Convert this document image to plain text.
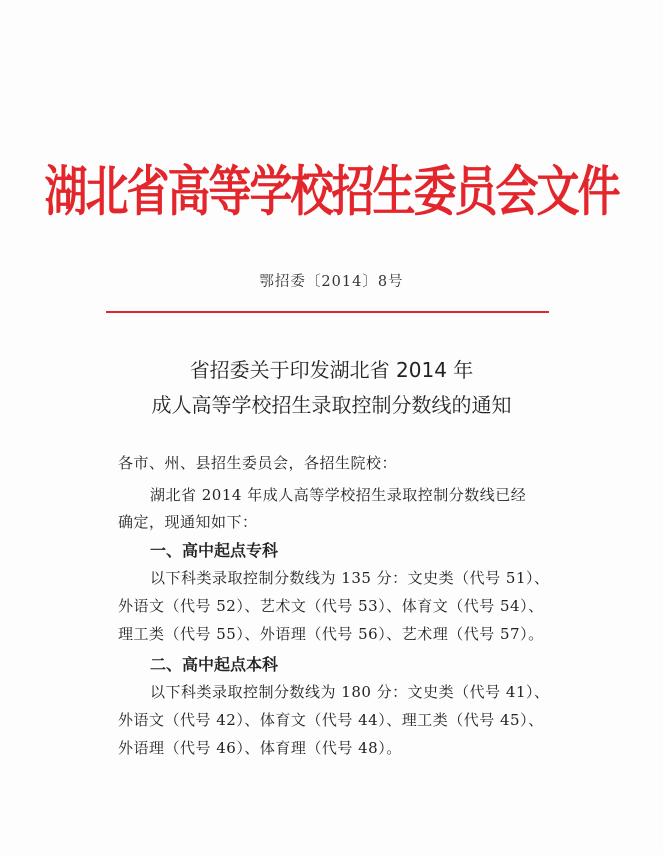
湖北省高等学校招生委员会文件
鄂招委〔2014〕8号
省招委关于印发湖北省 2014 年
成人高等学校招生录取控制分数线的通知
各市、州、县招生委员会，各招生院校：
湖北省 2014 年成人高等学校招生录取控制分数线已经
确定，现通知如下：
一、高中起点专科
以下科类录取控制分数线为 135 分：文史类（代号 51）、
外语文（代号 52）、艺术文（代号 53）、体育文（代号 54）、
理工类（代号 55）、外语理（代号 56）、艺术理（代号 57）。
二、高中起点本科
以下科类录取控制分数线为 180 分：文史类（代号 41）、
外语文（代号 42）、体育文（代号 44）、理工类（代号 45）、
外语理（代号 46）、体育理（代号 48）。
